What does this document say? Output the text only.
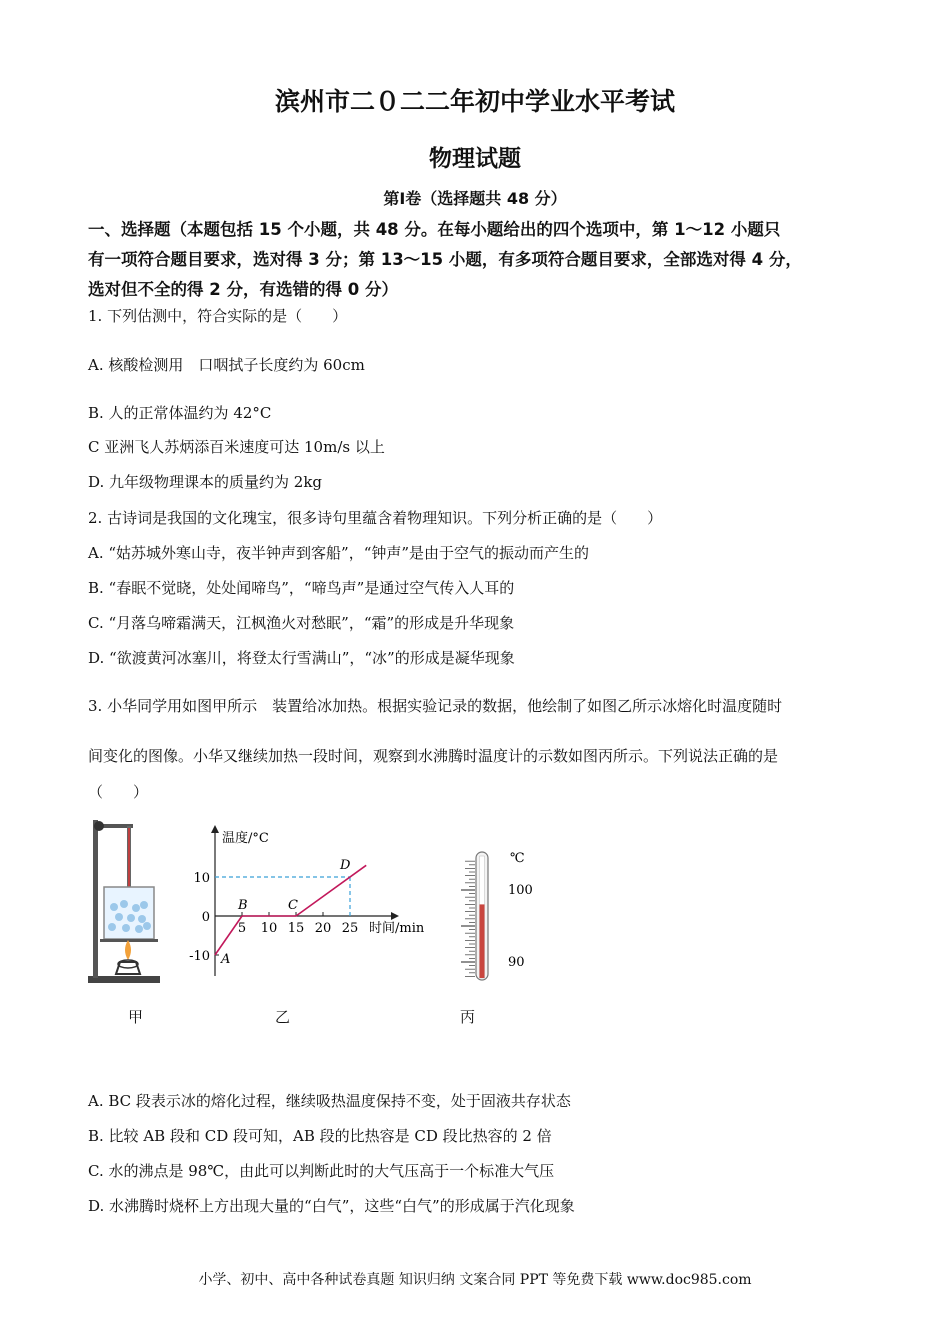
滨州市二０二二年初中学业水平考试
物理试题
第Ⅰ卷（选择题共 48 分）
一、选择题（本题包括 15 个小题，共 48 分。在每小题给出的四个选项中，第 1～12 小题只
有一项符合题目要求，选对得 3 分；第 13～15 小题，有多项符合题目要求，全部选对得 4 分，
选对但不全的得 2 分，有选错的得 0 分）
1. 下列估测中，符合实际的是（　　）
A. 核酸检测用　口咽拭子长度约为 60cm
B. 人的正常体温约为 42°C
C 亚洲飞人苏炳添百米速度可达 10m/s 以上
D. 九年级物理课本的质量约为 2kg
2. 古诗词是我国的文化瑰宝，很多诗句里蕴含着物理知识。下列分析正确的是（　　）
A. “姑苏城外寒山寺，夜半钟声到客船”，“钟声”是由于空气的振动而产生的
B. “春眠不觉晓，处处闻啼鸟”，“啼鸟声”是通过空气传入人耳的
C. “月落乌啼霜满天，江枫渔火对愁眠”，“霜”的形成是升华现象
D. “欲渡黄河冰塞川，将登太行雪满山”，“冰”的形成是凝华现象
3. 小华同学用如图甲所示　装置给冰加热。根据实验记录的数据，他绘制了如图乙所示冰熔化时温度随时
间变化的图像。小华又继续加热一段时间，观察到水沸腾时温度计的示数如图丙所示。下列说法正确的是
（　　）
温度/°C
时间/min
5 10 15 20 25
10
0
-10 A
B	C
D	℃
100
90
甲	乙	丙
A. BC 段表示冰的熔化过程，继续吸热温度保持不变，处于固液共存状态
B. 比较 AB 段和 CD 段可知，AB 段的比热容是 CD 段比热容的 2 倍
C. 水的沸点是 98℃，由此可以判断此时的大气压高于一个标准大气压
D. 水沸腾时烧杯上方出现大量的“白气”，这些“白气”的形成属于汽化现象
小学、初中、高中各种试卷真题 知识归纳 文案合同 PPT 等免费下载 www.doc985.com
